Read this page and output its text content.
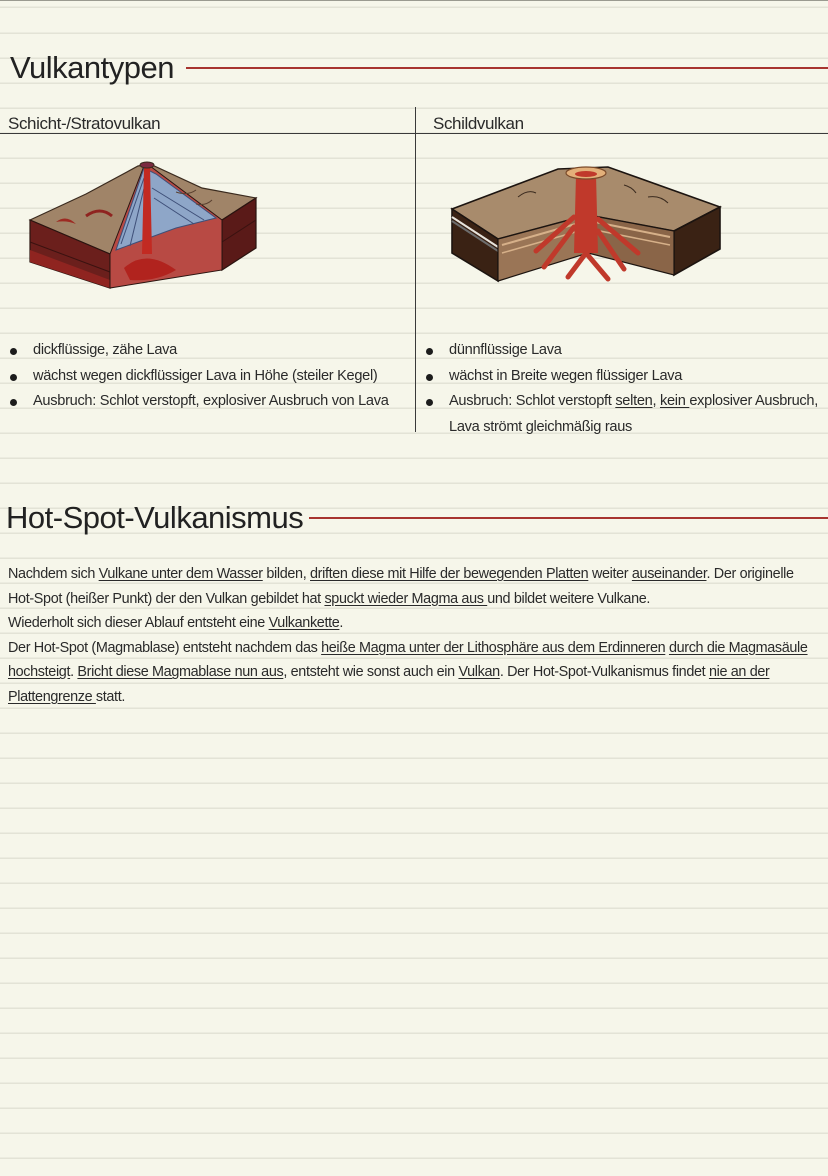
Vulkantypen
Schicht-/Stratovulkan	Schildvulkan
dickflüssige, zähe Lava
wächst wegen dickflüssiger Lava in Höhe (steiler Kegel)
Ausbruch: Schlot verstopft, explosiver Ausbruch von Lava
dünnflüssige Lava
wächst in Breite wegen flüssiger Lava
Ausbruch: Schlot verstopft selten, kein explosiver Ausbruch,
Lava strömt gleichmäßig raus
Hot-Spot-Vulkanismus

Nachdem sich Vulkane unter dem Wasser bilden, driften diese mit Hilfe der bewegenden Platten weiter auseinander. Der originelle Hot-Spot (heißer Punkt) der den Vulkan gebildet hat spuckt wieder Magma aus und bildet weitere Vulkane.

Wiederholt sich dieser Ablauf entsteht eine Vulkankette.

Der Hot-Spot (Magmablase) entsteht nachdem das heiße Magma unter der Lithosphäre aus dem Erdinneren durch die Magmasäule hochsteigt. Bricht diese Magmablase nun aus, entsteht wie sonst auch ein Vulkan. Der Hot-Spot-Vulkanismus findet nie an der Plattengrenze statt.
